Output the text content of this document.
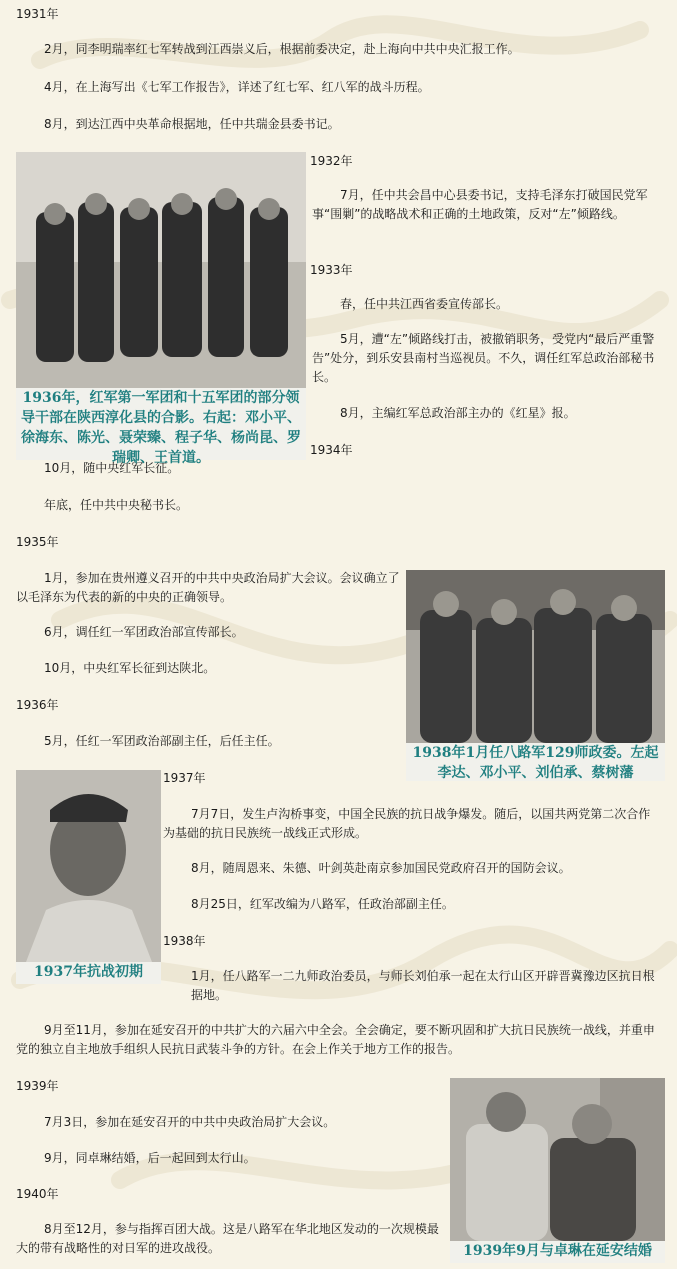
1931年
2月，同李明瑞率红七军转战到江西崇义后，根据前委决定，赴上海向中共中央汇报工作。
4月，在上海写出《七军工作报告》，详述了红七军、红八军的战斗历程。
8月，到达江西中央革命根据地，任中共瑞金县委书记。
1936年，红军第一军团和十五军团的部分领导干部在陕西淳化县的合影。右起：邓小平、徐海东、陈光、聂荣臻、程子华、杨尚昆、罗瑞卿、王首道。
1932年
7月，任中共会昌中心县委书记，支持毛泽东打破国民党军事“围剿”的战略战术和正确的土地政策，反对“左”倾路线。
1933年
春，任中共江西省委宣传部长。
5月，遭“左”倾路线打击，被撤销职务，受党内“最后严重警告”处分，到乐安县南村当巡视员。不久，调任红军总政治部秘书长。
8月，主编红军总政治部主办的《红星》报。
1934年
10月，随中央红军长征。
年底，任中共中央秘书长。
1935年
1月，参加在贵州遵义召开的中共中央政治局扩大会议。会议确立了以毛泽东为代表的新的中央的正确领导。
6月，调任红一军团政治部宣传部长。
10月，中央红军长征到达陕北。
1938年1月任八路军129师政委。左起李达、邓小平、刘伯承、蔡树藩
1936年
5月，任红一军团政治部副主任，后任主任。
1937年抗战初期
1937年
7月7日，发生卢沟桥事变，中国全民族的抗日战争爆发。随后，以国共两党第二次合作为基础的抗日民族统一战线正式形成。
8月，随周恩来、朱德、叶剑英赴南京参加国民党政府召开的国防会议。
8月25日，红军改编为八路军，任政治部副主任。
1938年
1月，任八路军一二九师政治委员，与师长刘伯承一起在太行山区开辟晋冀豫边区抗日根据地。
9月至11月，参加在延安召开的中共扩大的六届六中全会。全会确定，要不断巩固和扩大抗日民族统一战线，并重申党的独立自主地放手组织人民抗日武装斗争的方针。在会上作关于地方工作的报告。
1939年
7月3日，参加在延安召开的中共中央政治局扩大会议。
9月，同卓琳结婚，后一起回到太行山。
1939年9月与卓琳在延安结婚
1940年
8月至12月，参与指挥百团大战。这是八路军在华北地区发动的一次规模最大的带有战略性的对日军的进攻战役。
